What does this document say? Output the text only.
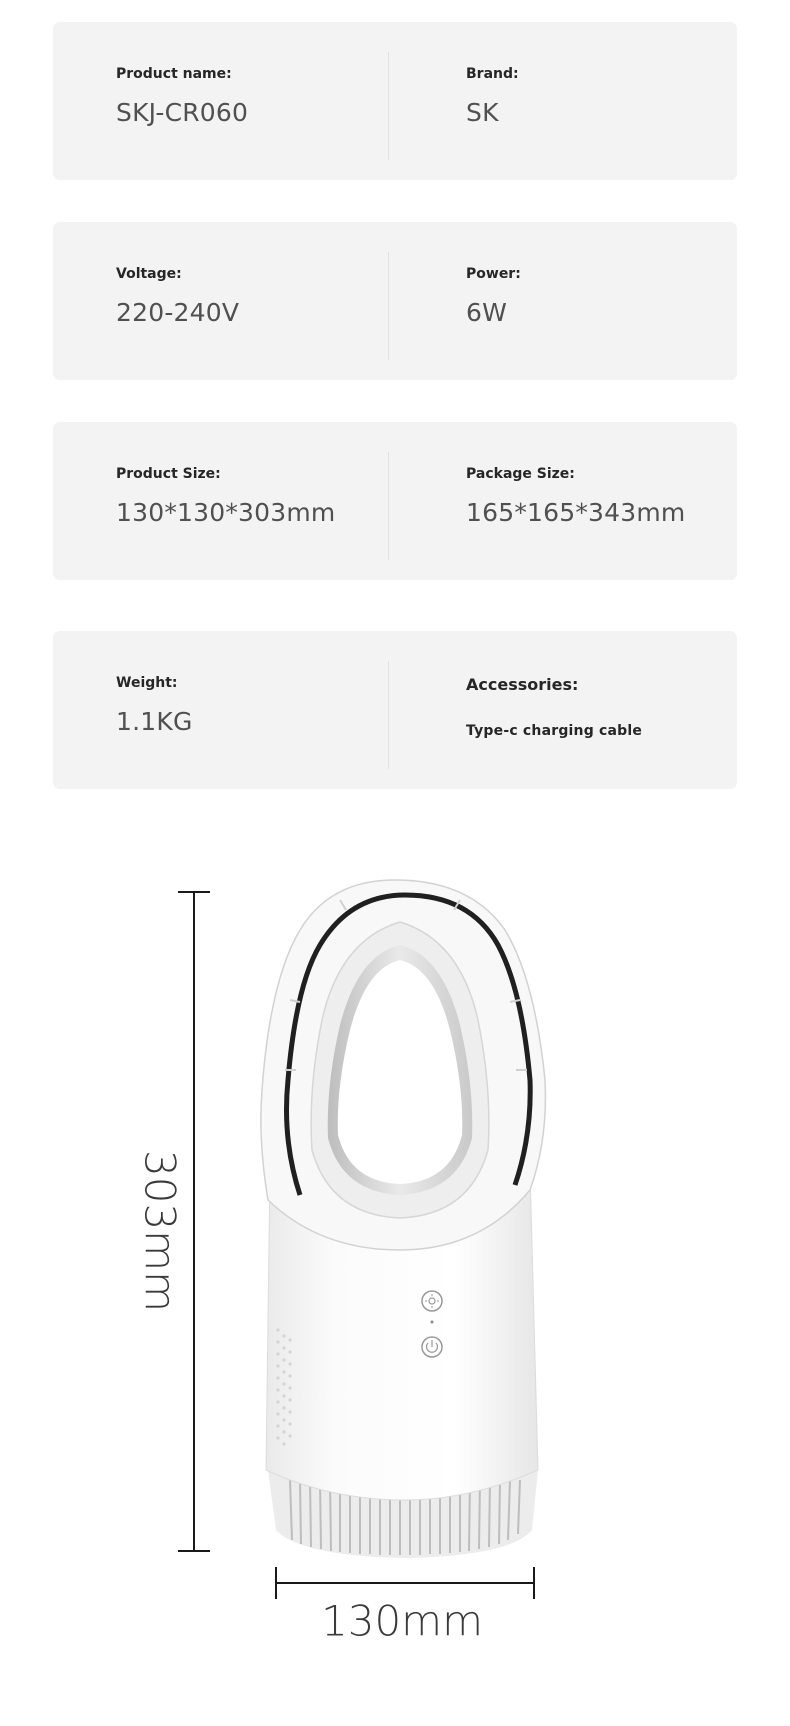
Product name:
SKJ-CR060
Brand:
SK
Voltage:
220-240V
Power:
6W
Product Size:
130*130*303mm
Package Size:
165*165*343mm
Weight:
1.1KG
Accessories:
Type-c charging cable
303mm
130mm
